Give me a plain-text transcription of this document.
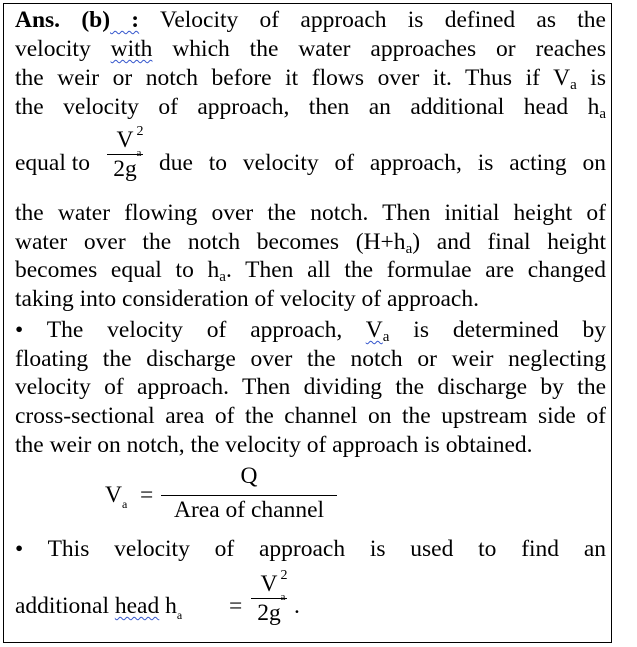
Ans. (b) : Velocity of approach is defined as the
velocity with which the water approaches or reaches
the weir or notch before it flows over it. Thus if $V_a$ is
the velocity of approach, then an additional head $h_a$
equal to
V 2
a
2g due to velocity of approach, is acting on
the water flowing over the notch. Then initial height of
water over the notch becomes $(H+h_a)$ and final height
becomes equal to $h_a$. Then all the formulae are changed
taking into consideration of velocity of approach.
• The velocity of approach, $V_a$ is determined by
floating the discharge over the notch or weir neglecting
velocity of approach. Then dividing the discharge by the
cross-sectional area of the channel on the upstream side of
the weir on notch, the velocity of approach is obtained.
$V_a$ =
Q
Area of channel
• This velocity of approach is used to find an
additional head $h_a$ =
V 2
a
2g .
